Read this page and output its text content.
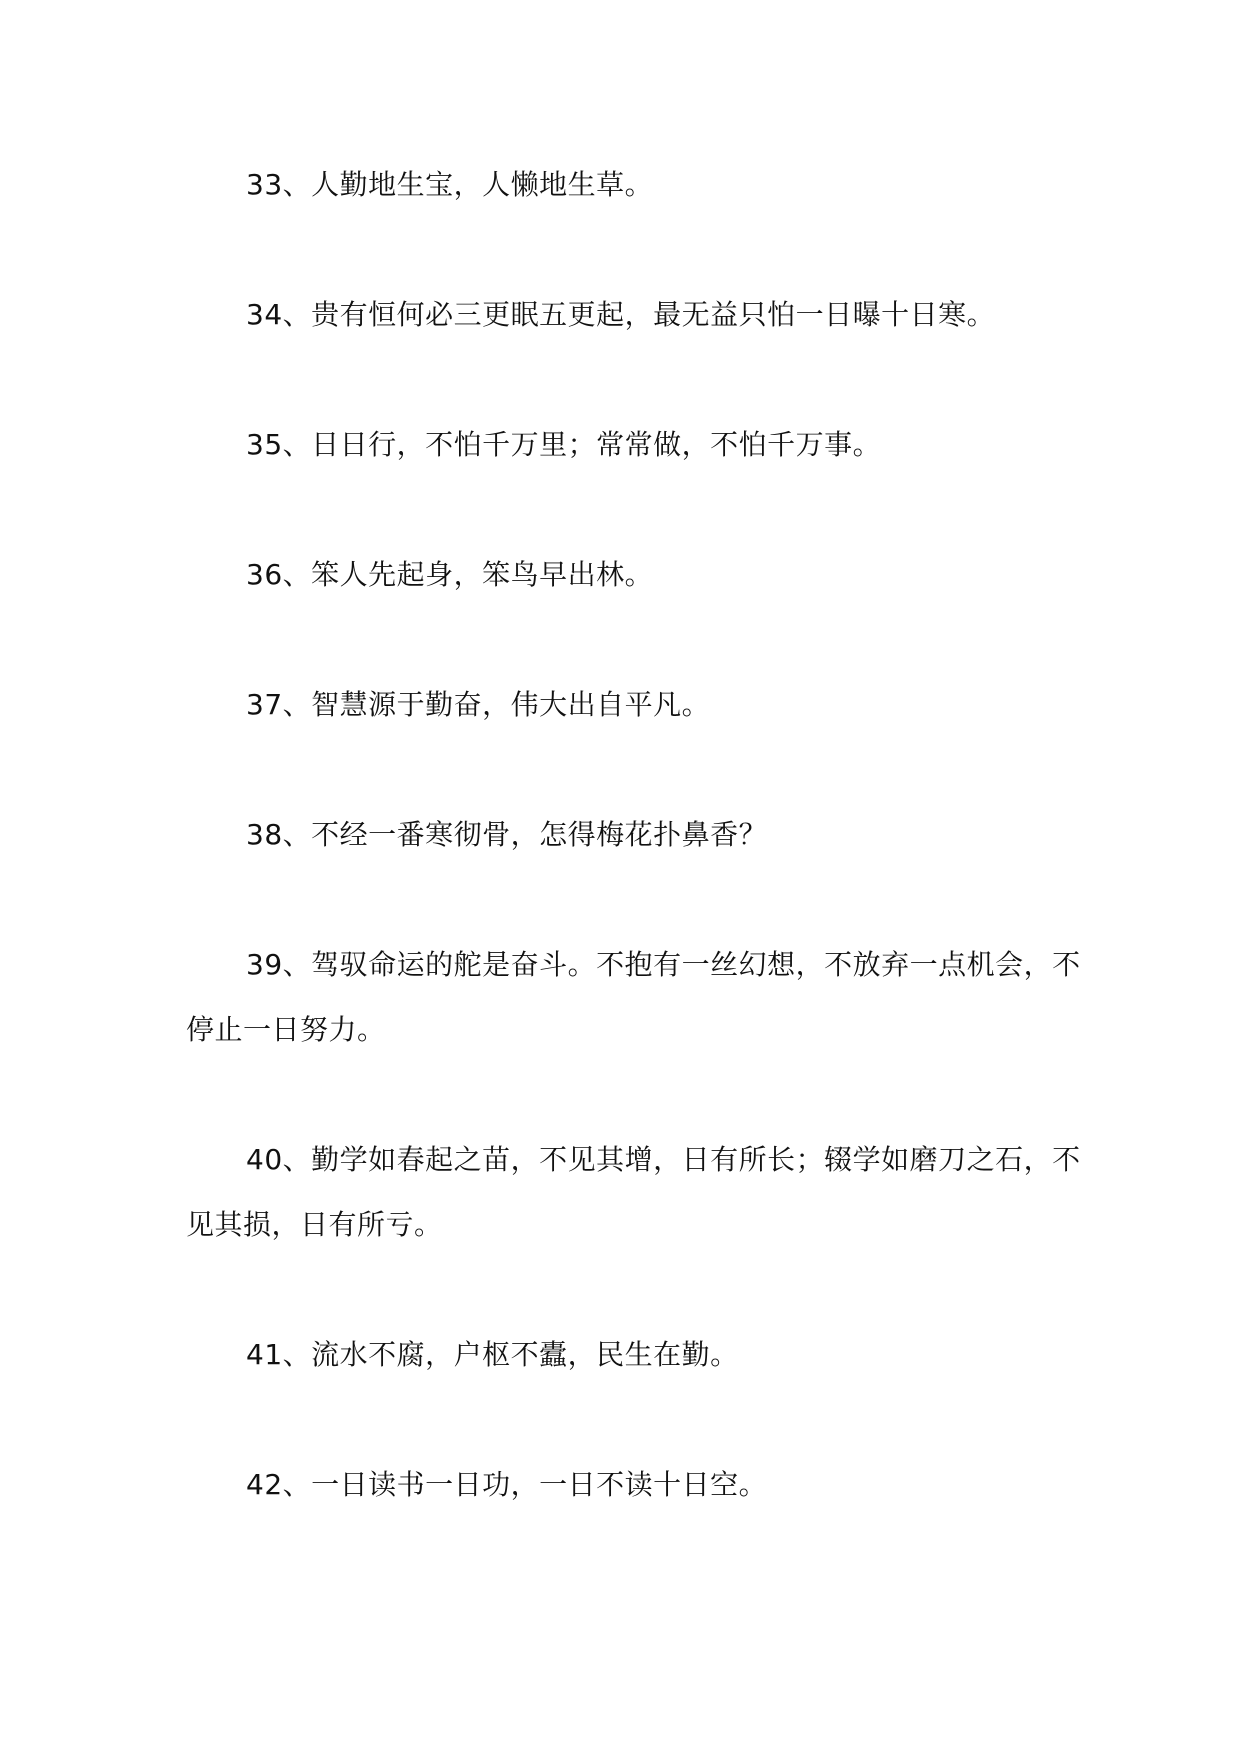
33、人勤地生宝，人懒地生草。

34、贵有恒何必三更眠五更起，最无益只怕一日曝十日寒。

35、日日行，不怕千万里；常常做，不怕千万事。

36、笨人先起身，笨鸟早出林。

37、智慧源于勤奋，伟大出自平凡。

38、不经一番寒彻骨，怎得梅花扑鼻香？

39、驾驭命运的舵是奋斗。不抱有一丝幻想，不放弃一点机会，不停止一日努力。

40、勤学如春起之苗，不见其增，日有所长；辍学如磨刀之石，不见其损，日有所亏。

41、流水不腐，户枢不蠹，民生在勤。

42、一日读书一日功，一日不读十日空。
